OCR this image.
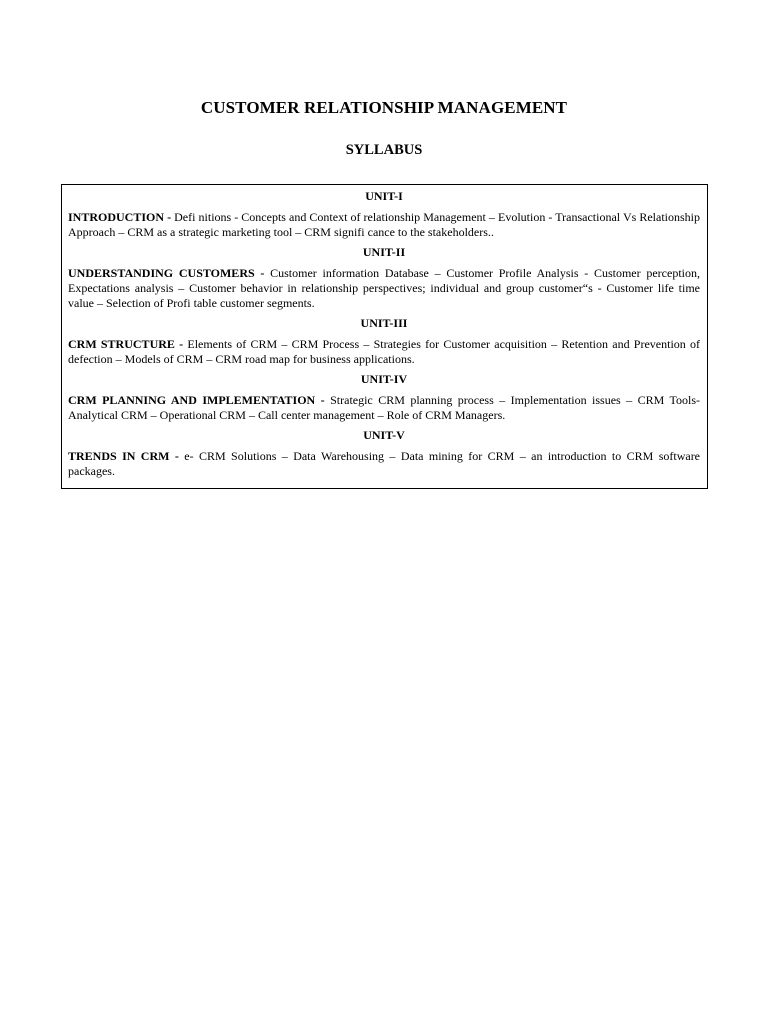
CUSTOMER RELATIONSHIP MANAGEMENT
SYLLABUS
UNIT-I

INTRODUCTION - Defi nitions - Concepts and Context of relationship Management – Evolution - Transactional Vs Relationship Approach – CRM as a strategic marketing tool – CRM signifi cance to the stakeholders..

UNIT-II

UNDERSTANDING CUSTOMERS - Customer information Database – Customer Profile Analysis - Customer perception, Expectations analysis – Customer behavior in relationship perspectives; individual and group customer“s - Customer life time value – Selection of Profi table customer segments.

UNIT-III

CRM STRUCTURE - Elements of CRM – CRM Process – Strategies for Customer acquisition – Retention and Prevention of defection – Models of CRM – CRM road map for business applications.

UNIT-IV

CRM PLANNING AND IMPLEMENTATION - Strategic CRM planning process – Implementation issues – CRM Tools- Analytical CRM – Operational CRM – Call center management – Role of CRM Managers.

UNIT-V

TRENDS IN CRM - e- CRM Solutions – Data Warehousing – Data mining for CRM – an introduction to CRM software packages.
